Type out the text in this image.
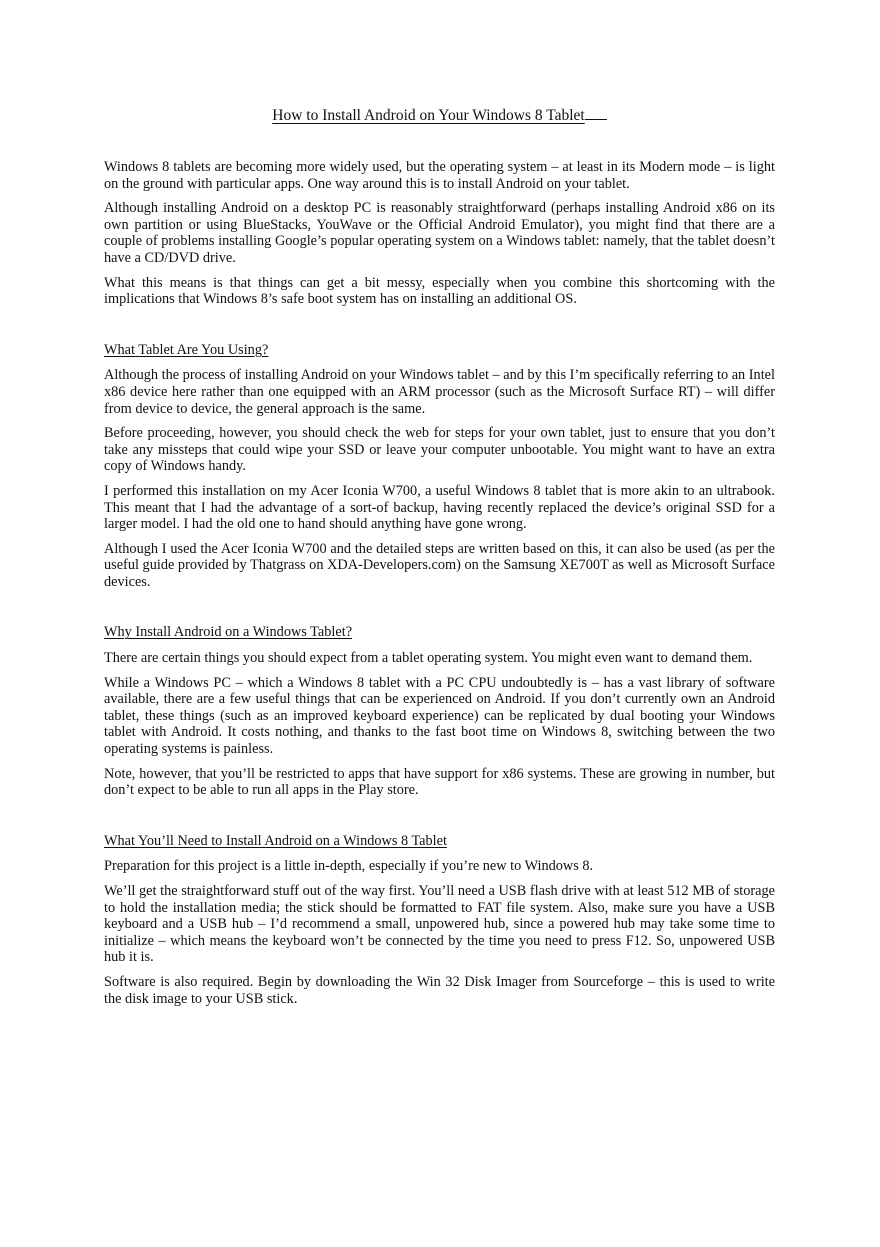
How to Install Android on Your Windows 8 Tablet

Windows 8 tablets are becoming more widely used, but the operating system – at least in its Modern mode – is light on the ground with particular apps. One way around this is to install Android on your tablet.

Although installing Android on a desktop PC is reasonably straightforward (perhaps installing Android x86 on its own partition or using BlueStacks, YouWave or the Official Android Emulator), you might find that there are a couple of problems installing Google’s popular operating system on a Windows tablet: namely, that the tablet doesn’t have a CD/DVD drive.

What this means is that things can get a bit messy, especially when you combine this shortcoming with the implications that Windows 8’s safe boot system has on installing an additional OS.

What Tablet Are You Using?

Although the process of installing Android on your Windows tablet – and by this I’m specifically referring to an Intel x86 device here rather than one equipped with an ARM processor (such as the Microsoft Surface RT) – will differ from device to device, the general approach is the same.

Before proceeding, however, you should check the web for steps for your own tablet, just to ensure that you don’t take any missteps that could wipe your SSD or leave your computer unbootable. You might want to have an extra copy of Windows handy.

I performed this installation on my Acer Iconia W700, a useful Windows 8 tablet that is more akin to an ultrabook. This meant that I had the advantage of a sort-of backup, having recently replaced the device’s original SSD for a larger model. I had the old one to hand should anything have gone wrong.

Although I used the Acer Iconia W700 and the detailed steps are written based on this, it can also be used (as per the useful guide provided by Thatgrass on XDA-Developers.com) on the Samsung XE700T as well as Microsoft Surface devices.

Why Install Android on a Windows Tablet?

There are certain things you should expect from a tablet operating system. You might even want to demand them.

While a Windows PC – which a Windows 8 tablet with a PC CPU undoubtedly is – has a vast library of software available, there are a few useful things that can be experienced on Android. If you don’t currently own an Android tablet, these things (such as an improved keyboard experience) can be replicated by dual booting your Windows tablet with Android. It costs nothing, and thanks to the fast boot time on Windows 8, switching between the two operating systems is painless.

Note, however, that you’ll be restricted to apps that have support for x86 systems. These are growing in number, but don’t expect to be able to run all apps in the Play store.

What You’ll Need to Install Android on a Windows 8 Tablet

Preparation for this project is a little in-depth, especially if you’re new to Windows 8.

We’ll get the straightforward stuff out of the way first. You’ll need a USB flash drive with at least 512 MB of storage to hold the installation media; the stick should be formatted to FAT file system. Also, make sure you have a USB keyboard and a USB hub – I’d recommend a small, unpowered hub, since a powered hub may take some time to initialize – which means the keyboard won’t be connected by the time you need to press F12. So, unpowered USB hub it is.

Software is also required. Begin by downloading the Win 32 Disk Imager from Sourceforge – this is used to write the disk image to your USB stick.
